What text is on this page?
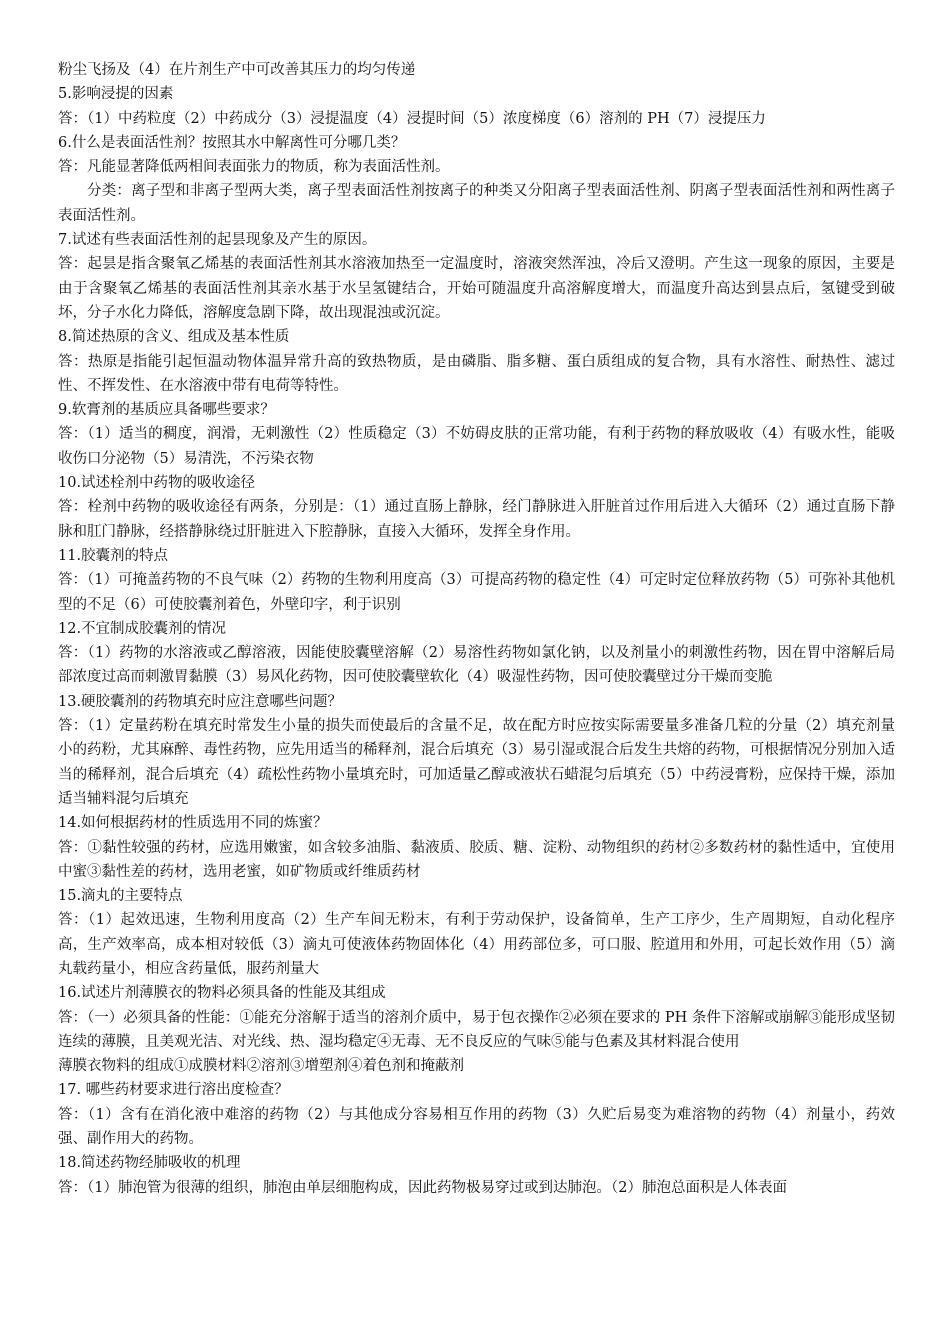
粉尘飞扬及（4）在片剂生产中可改善其压力的均匀传递

5.影响浸提的因素

答：（1）中药粒度（2）中药成分（3）浸提温度（4）浸提时间（5）浓度梯度（6）溶剂的 PH（7）浸提压力

6.什么是表面活性剂？按照其水中解离性可分哪几类？

答：凡能显著降低两相间表面张力的物质，称为表面活性剂。

分类：离子型和非离子型两大类，离子型表面活性剂按离子的种类又分阳离子型表面活性剂、阴离子型表面活性剂和两性离子表面活性剂。

7.试述有些表面活性剂的起昙现象及产生的原因。

答：起昙是指含聚氧乙烯基的表面活性剂其水溶液加热至一定温度时，溶液突然浑浊，冷后又澄明。产生这一现象的原因，主要是由于含聚氧乙烯基的表面活性剂其亲水基于水呈氢键结合，开始可随温度升高溶解度增大，而温度升高达到昙点后，氢键受到破坏，分子水化力降低，溶解度急剧下降，故出现混浊或沉淀。

8.简述热原的含义、组成及基本性质

答：热原是指能引起恒温动物体温异常升高的致热物质，是由磷脂、脂多糖、蛋白质组成的复合物，具有水溶性、耐热性、滤过性、不挥发性、在水溶液中带有电荷等特性。

9.软膏剂的基质应具备哪些要求？

答：（1）适当的稠度，润滑，无刺激性（2）性质稳定（3）不妨碍皮肤的正常功能，有利于药物的释放吸收（4）有吸水性，能吸收伤口分泌物（5）易清洗，不污染衣物

10.试述栓剂中药物的吸收途径

答：栓剂中药物的吸收途径有两条，分别是：（1）通过直肠上静脉，经门静脉进入肝脏首过作用后进入大循环（2）通过直肠下静脉和肛门静脉，经搭静脉绕过肝脏进入下腔静脉，直接入大循环，发挥全身作用。

11.胶囊剂的特点

答：（1）可掩盖药物的不良气味（2）药物的生物利用度高（3）可提高药物的稳定性（4）可定时定位释放药物（5）可弥补其他机型的不足（6）可使胶囊剂着色，外壁印字，利于识别

12.不宜制成胶囊剂的情况

答：（1）药物的水溶液或乙醇溶液，因能使胶囊壁溶解（2）易溶性药物如氯化钠，以及剂量小的刺激性药物，因在胃中溶解后局部浓度过高而刺激胃黏膜（3）易风化药物，因可使胶囊壁软化（4）吸湿性药物，因可使胶囊壁过分干燥而变脆

13.硬胶囊剂的药物填充时应注意哪些问题？

答：（1）定量药粉在填充时常发生小量的损失而使最后的含量不足，故在配方时应按实际需要量多准备几粒的分量（2）填充剂量小的药粉，尤其麻醉、毒性药物，应先用适当的稀释剂，混合后填充（3）易引湿或混合后发生共熔的药物，可根据情况分别加入适当的稀释剂，混合后填充（4）疏松性药物小量填充时，可加适量乙醇或液状石蜡混匀后填充（5）中药浸膏粉，应保持干燥，添加适当辅料混匀后填充

14.如何根据药材的性质选用不同的炼蜜？

答：①黏性较强的药材，应选用嫩蜜，如含较多油脂、黏液质、胶质、糖、淀粉、动物组织的药材②多数药材的黏性适中，宜使用中蜜③黏性差的药材，选用老蜜，如矿物质或纤维质药材

15.滴丸的主要特点

答：（1）起效迅速，生物利用度高（2）生产车间无粉末，有利于劳动保护，设备简单，生产工序少，生产周期短，自动化程序高，生产效率高，成本相对较低（3）滴丸可使液体药物固体化（4）用药部位多，可口服、腔道用和外用，可起长效作用（5）滴丸载药量小，相应含药量低，服药剂量大

16.试述片剂薄膜衣的物料必须具备的性能及其组成

答：（一）必须具备的性能：①能充分溶解于适当的溶剂介质中，易于包衣操作②必须在要求的 PH 条件下溶解或崩解③能形成坚韧连续的薄膜，且美观光洁、对光线、热、湿均稳定④无毒、无不良反应的气味⑤能与色素及其材料混合使用

薄膜衣物料的组成①成膜材料②溶剂③增塑剂④着色剂和掩蔽剂

17. 哪些药材要求进行溶出度检查？

答：（1）含有在消化液中难溶的药物（2）与其他成分容易相互作用的药物（3）久贮后易变为难溶物的药物（4）剂量小，药效强、副作用大的药物。

18.简述药物经肺吸收的机理

答：（1）肺泡管为很薄的组织，肺泡由单层细胞构成，因此药物极易穿过或到达肺泡。（2）肺泡总面积是人体表面
